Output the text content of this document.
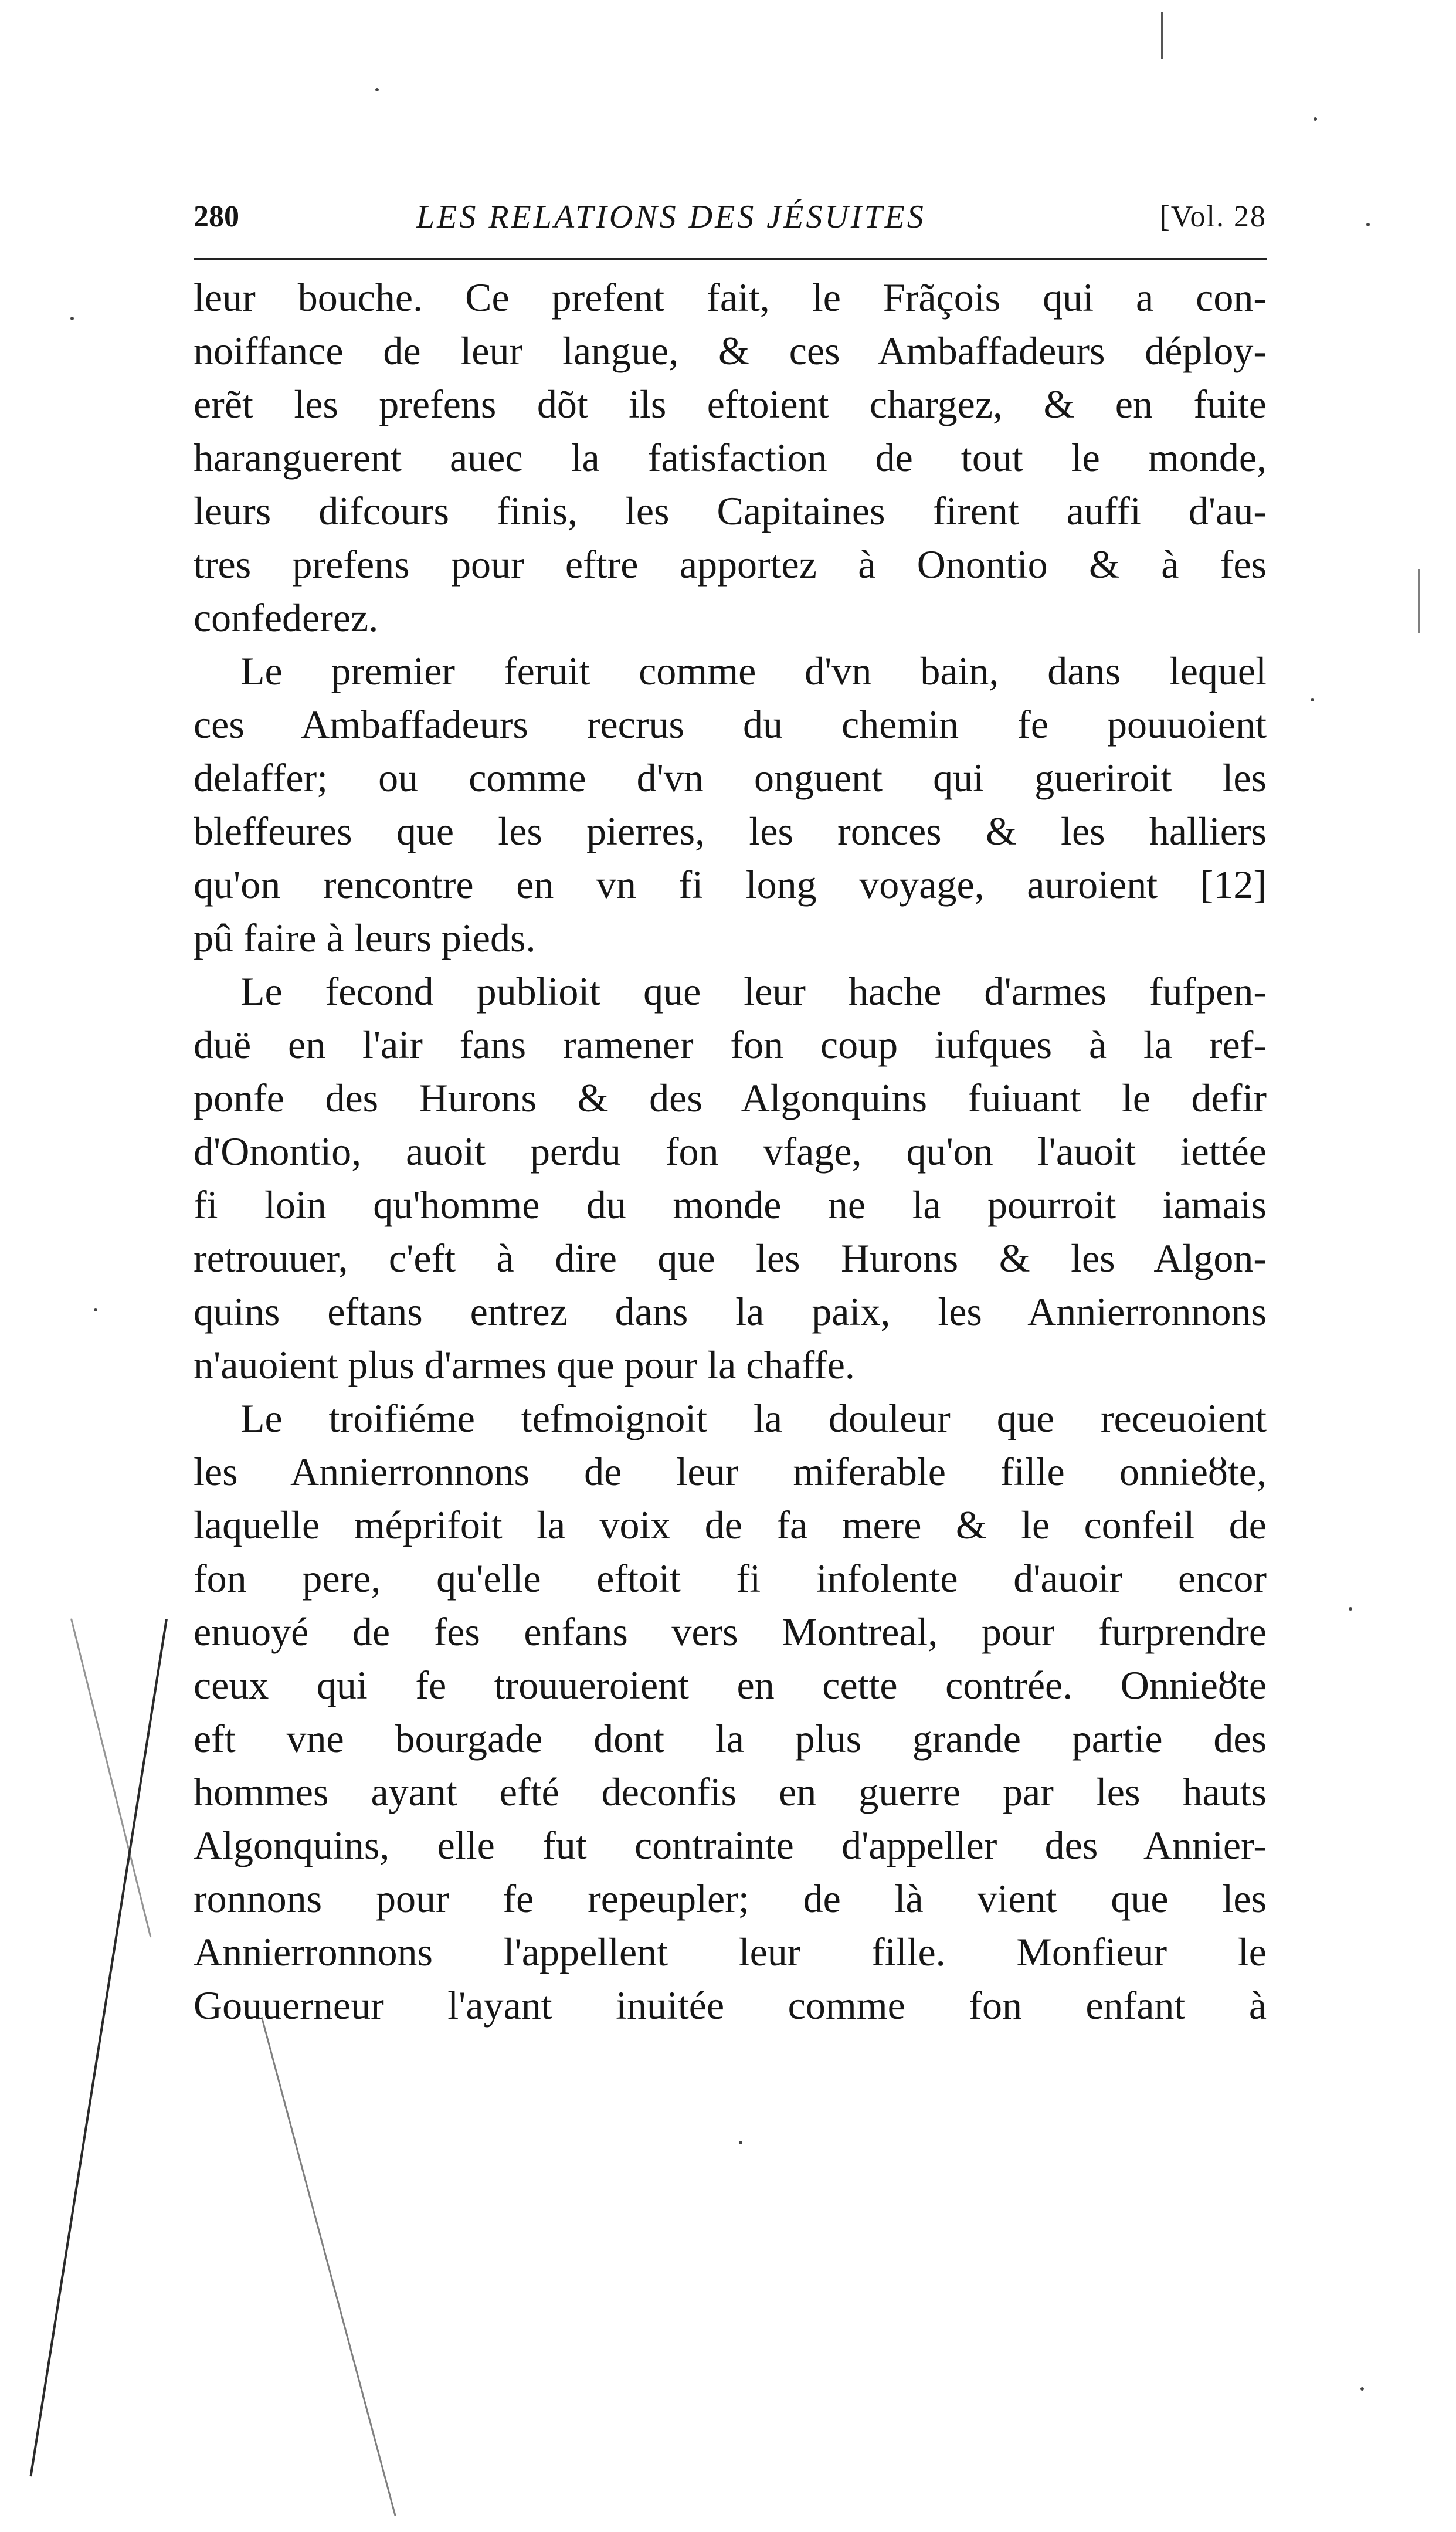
280	LES RELATIONS DES JÉSUITES	[Vol. 28
leur bouche. Ce prefent fait, le Frãçois qui a con-
noiffance de leur langue, & ces Ambaffadeurs déploy-
erẽt les prefens dõt ils eftoient chargez, & en fuite
haranguerent auec la fatisfaction de tout le monde,
leurs difcours finis, les Capitaines firent auffi d'au-
tres prefens pour eftre apportez à Onontio & à fes
confederez.
Le premier feruit comme d'vn bain, dans lequel
ces Ambaffadeurs recrus du chemin fe pouuoient
delaffer; ou comme d'vn onguent qui gueriroit les
bleffeures que les pierres, les ronces & les halliers
qu'on rencontre en vn fi long voyage, auroient [12]
pû faire à leurs pieds.
Le fecond publioit que leur hache d'armes fufpen-
duë en l'air fans ramener fon coup iufques à la ref-
ponfe des Hurons & des Algonquins fuiuant le defir
d'Onontio, auoit perdu fon vfage, qu'on l'auoit iettée
fi loin qu'homme du monde ne la pourroit iamais
retrouuer, c'eft à dire que les Hurons & les Algon-
quins eftans entrez dans la paix, les Annierronnons
n'auoient plus d'armes que pour la chaffe.
Le troifiéme tefmoignoit la douleur que receuoient
les Annierronnons de leur miferable fille onnieȣte,
laquelle méprifoit la voix de fa mere & le confeil de
fon pere, qu'elle eftoit fi infolente d'auoir encor
enuoyé de fes enfans vers Montreal, pour furprendre
ceux qui fe trouueroient en cette contrée. Onnieȣte
eft vne bourgade dont la plus grande partie des
hommes ayant efté deconfis en guerre par les hauts
Algonquins, elle fut contrainte d'appeller des Annier-
ronnons pour fe repeupler; de là vient que les
Annierronnons l'appellent leur fille. Monfieur le
Gouuerneur l'ayant inuitée comme fon enfant à
